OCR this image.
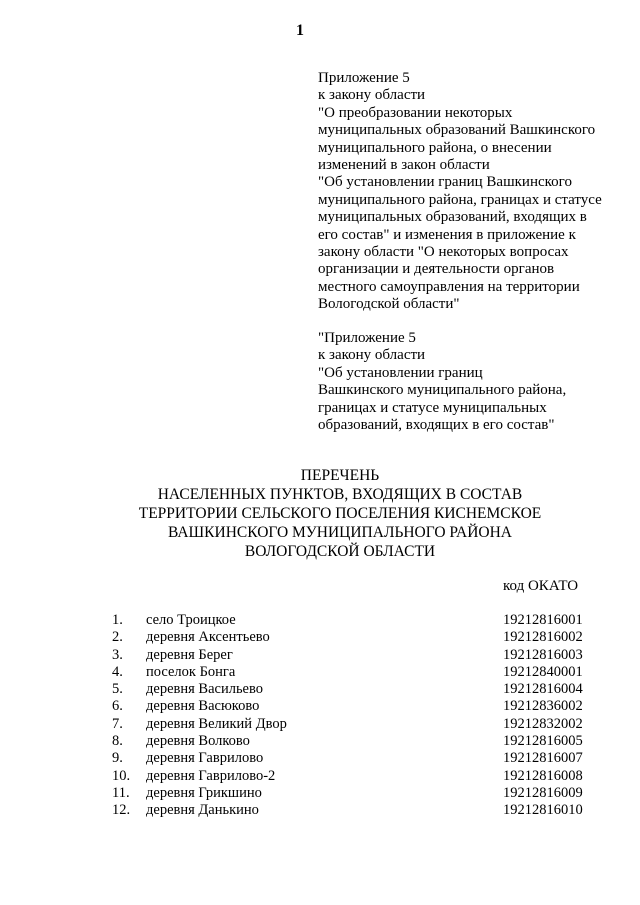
1
Приложение 5
к закону области
"О преобразовании некоторых
муниципальных образований Вашкинского
муниципального района, о внесении
изменений в закон области
"Об установлении границ Вашкинского
муниципального района, границах и статусе
муниципальных образований, входящих в
его состав" и изменения в приложение к
закону области "О некоторых вопросах
организации и деятельности органов
местного самоуправления на территории
Вологодской области"
"Приложение 5
к закону области
"Об установлении границ
Вашкинского муниципального района,
границах и статусе муниципальных
образований, входящих в его состав"
ПЕРЕЧЕНЬ
НАСЕЛЕННЫХ ПУНКТОВ, ВХОДЯЩИХ В СОСТАВ
ТЕРРИТОРИИ СЕЛЬСКОГО ПОСЕЛЕНИЯ КИСНЕМСКОЕ
ВАШКИНСКОГО МУНИЦИПАЛЬНОГО РАЙОНА
ВОЛОГОДСКОЙ ОБЛАСТИ
код ОКАТО
1.	село Троицкое	19212816001
2.	деревня Аксентьево	19212816002
3.	деревня Берег	19212816003
4.	поселок Бонга	19212840001
5.	деревня Васильево	19212816004
6.	деревня Васюково	19212836002
7.	деревня Великий Двор	19212832002
8.	деревня Волково	19212816005
9.	деревня Гаврилово	19212816007
10.	деревня Гаврилово-2	19212816008
11.	деревня Грикшино	19212816009
12.	деревня Данькино	19212816010
